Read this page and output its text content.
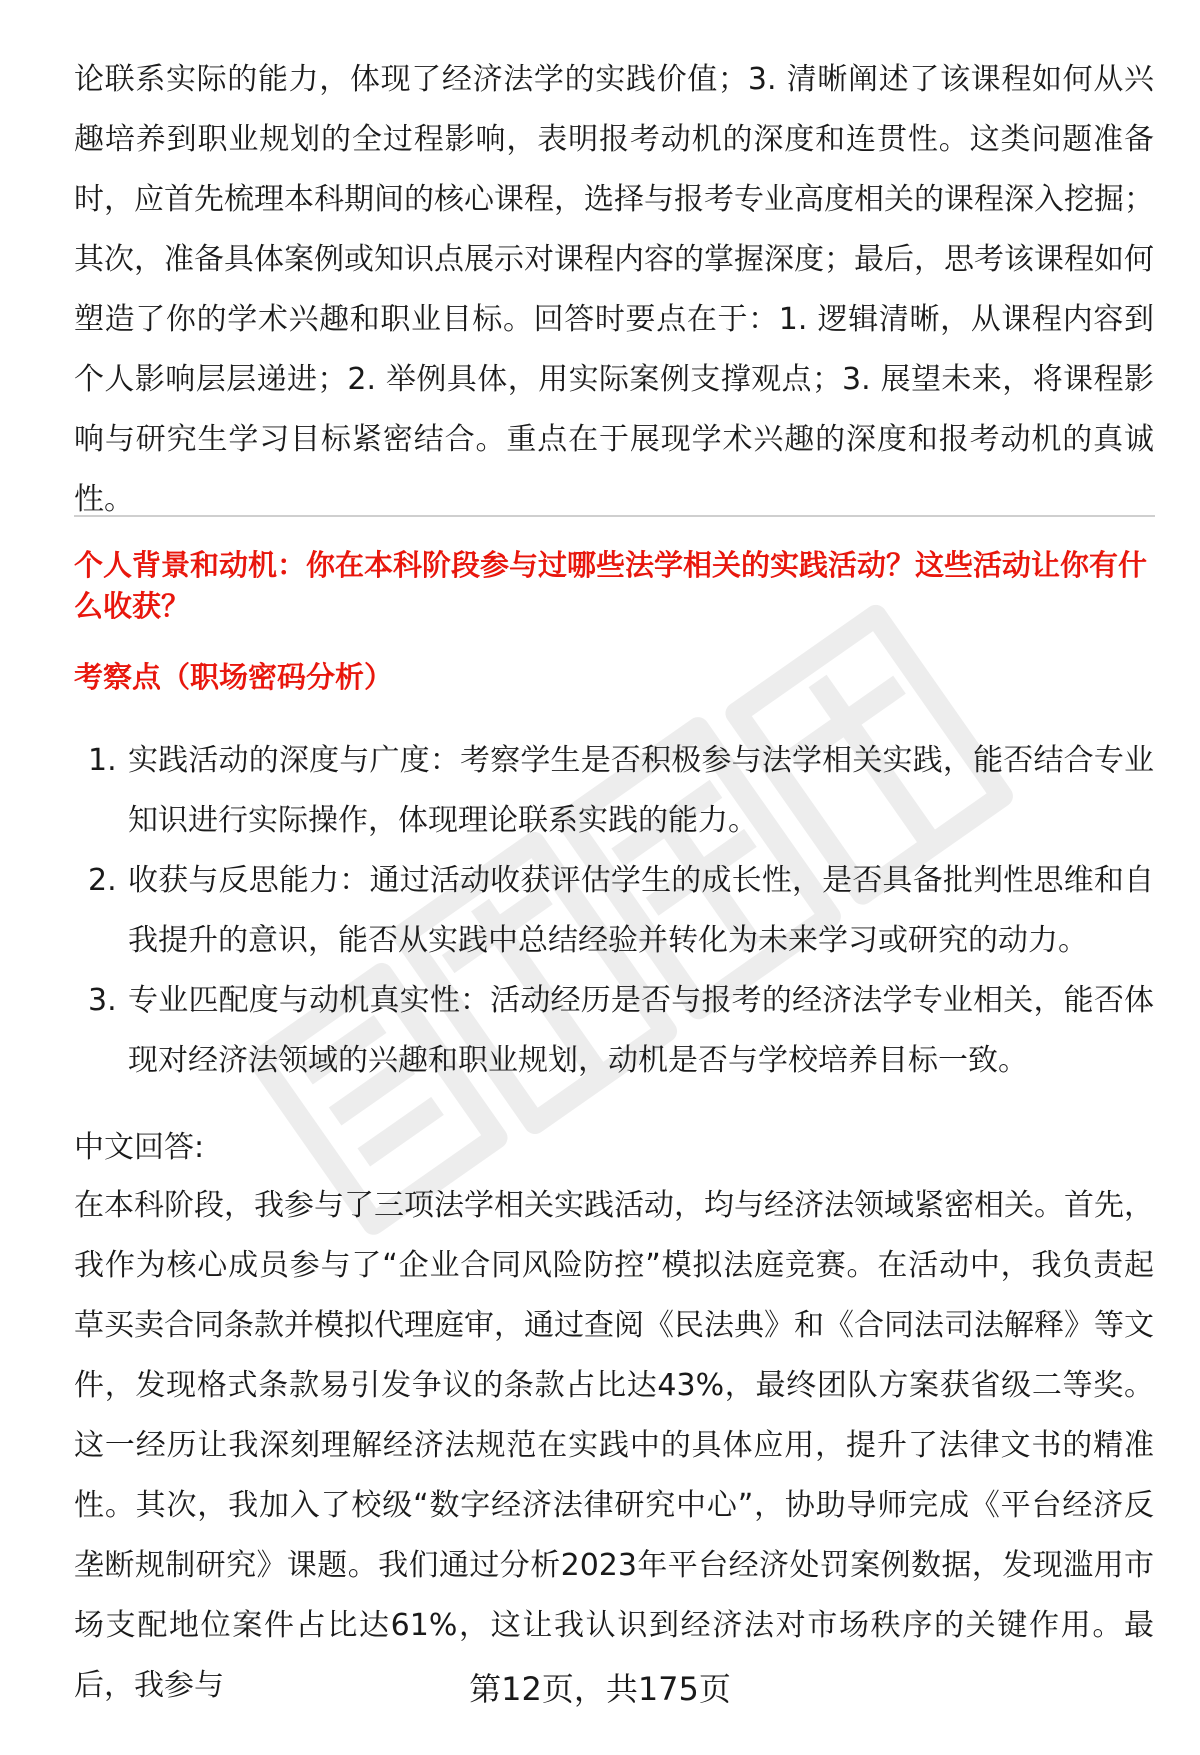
论联系实际的能力，体现了经济法学的实践价值；3. 清晰阐述了该课程如何从兴趣培养到职业规划的全过程影响，表明报考动机的深度和连贯性。这类问题准备时，应首先梳理本科期间的核心课程，选择与报考专业高度相关的课程深入挖掘；其次，准备具体案例或知识点展示对课程内容的掌握深度；最后，思考该课程如何塑造了你的学术兴趣和职业目标。回答时要点在于：1. 逻辑清晰，从课程内容到个人影响层层递进；2. 举例具体，用实际案例支撑观点；3. 展望未来，将课程影响与研究生学习目标紧密结合。重点在于展现学术兴趣的深度和报考动机的真诚性。

个人背景和动机：你在本科阶段参与过哪些法学相关的实践活动？这些活动让你有什么收获？

考察点（职场密码分析）

1. 实践活动的深度与广度：考察学生是否积极参与法学相关实践，能否结合专业知识进行实际操作，体现理论联系实践的能力。
2. 收获与反思能力：通过活动收获评估学生的成长性，是否具备批判性思维和自我提升的意识，能否从实践中总结经验并转化为未来学习或研究的动力。
3. 专业匹配度与动机真实性：活动经历是否与报考的经济法学专业相关，能否体现对经济法领域的兴趣和职业规划，动机是否与学校培养目标一致。

中文回答:

在本科阶段，我参与了三项法学相关实践活动，均与经济法领域紧密相关。首先，我作为核心成员参与了“企业合同风险防控”模拟法庭竞赛。在活动中，我负责起草买卖合同条款并模拟代理庭审，通过查阅《民法典》和《合同法司法解释》等文件，发现格式条款易引发争议的条款占比达43%，最终团队方案获省级二等奖。这一经历让我深刻理解经济法规范在实践中的具体应用，提升了法律文书的精准性。其次，我加入了校级“数字经济法律研究中心”，协助导师完成《平台经济反垄断规制研究》课题。我们通过分析2023年平台经济处罚案例数据，发现滥用市场支配地位案件占比达61%，这让我认识到经济法对市场秩序的关键作用。最后，我参与	第12页，共175页
